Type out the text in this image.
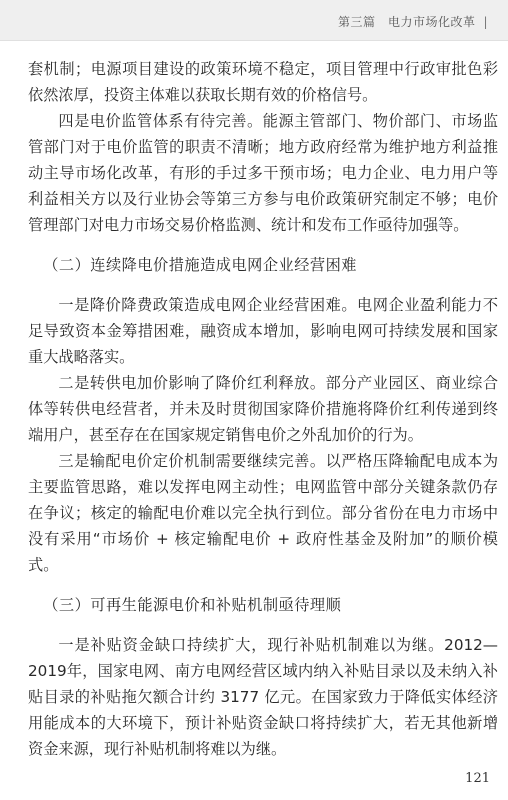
第三篇　电力市场化改革 |

套机制；电源项目建设的政策环境不稳定，项目管理中行政审批色彩依然浓厚，投资主体难以获取长期有效的价格信号。

四是电价监管体系有待完善。能源主管部门、物价部门、市场监管部门对于电价监管的职责不清晰；地方政府经常为维护地方利益推动主导市场化改革，有形的手过多干预市场；电力企业、电力用户等利益相关方以及行业协会等第三方参与电价政策研究制定不够；电价管理部门对电力市场交易价格监测、统计和发布工作亟待加强等。

（二）连续降电价措施造成电网企业经营困难

一是降价降费政策造成电网企业经营困难。电网企业盈利能力不足导致资本金筹措困难，融资成本增加，影响电网可持续发展和国家重大战略落实。

二是转供电加价影响了降价红利释放。部分产业园区、商业综合体等转供电经营者，并未及时贯彻国家降价措施将降价红利传递到终端用户，甚至存在在国家规定销售电价之外乱加价的行为。

三是输配电价定价机制需要继续完善。以严格压降输配电成本为主要监管思路，难以发挥电网主动性；电网监管中部分关键条款仍存在争议；核定的输配电价难以完全执行到位。部分省份在电力市场中没有采用“市场价 + 核定输配电价 + 政府性基金及附加”的顺价模式。

（三）可再生能源电价和补贴机制亟待理顺

一是补贴资金缺口持续扩大，现行补贴机制难以为继。2012—2019年，国家电网、南方电网经营区域内纳入补贴目录以及未纳入补贴目录的补贴拖欠额合计约 3177 亿元。在国家致力于降低实体经济用能成本的大环境下，预计补贴资金缺口将持续扩大，若无其他新增资金来源，现行补贴机制将难以为继。

121
